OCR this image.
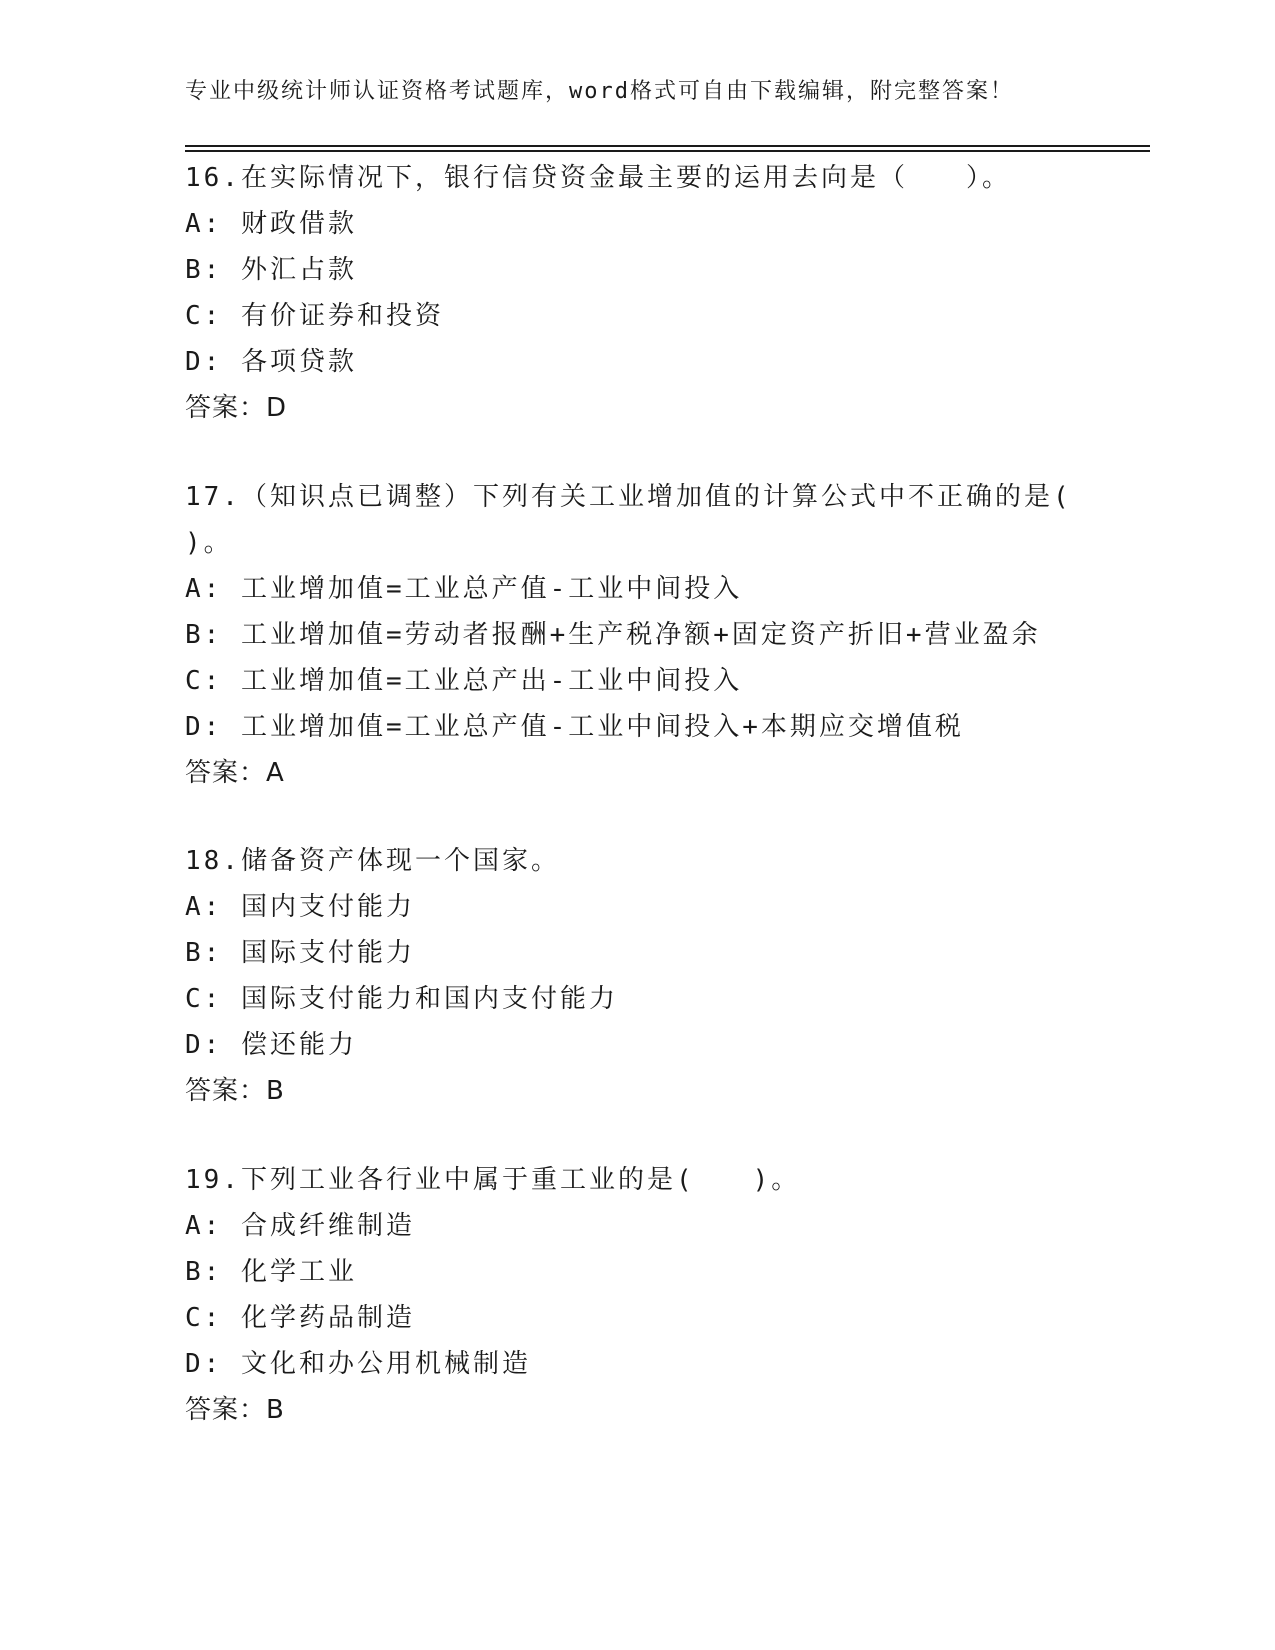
专业中级统计师认证资格考试题库，word格式可自由下载编辑，附完整答案！
16.在实际情况下，银行信贷资金最主要的运用去向是（　　）。
A: 财政借款
B: 外汇占款
C: 有价证券和投资
D: 各项贷款
答案：D
17.（知识点已调整）下列有关工业增加值的计算公式中不正确的是(
)。
A: 工业增加值=工业总产值-工业中间投入
B: 工业增加值=劳动者报酬+生产税净额+固定资产折旧+营业盈余
C: 工业增加值=工业总产出-工业中间投入
D: 工业增加值=工业总产值-工业中间投入+本期应交增值税
答案：A
18.储备资产体现一个国家。
A: 国内支付能力
B: 国际支付能力
C: 国际支付能力和国内支付能力
D: 偿还能力
答案：B
19.下列工业各行业中属于重工业的是(　　)。
A: 合成纤维制造
B: 化学工业
C: 化学药品制造
D: 文化和办公用机械制造
答案：B
